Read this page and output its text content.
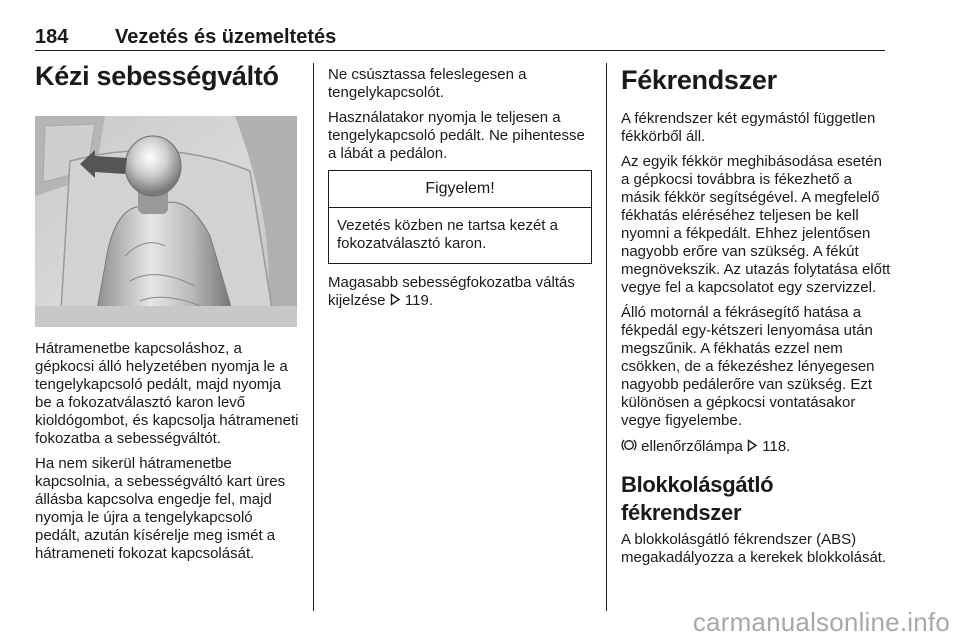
184 Vezetés és üzemeltetés
Kézi sebességváltó

Hátramenetbe kapcsoláshoz, a gépkocsi álló helyzetében nyomja le a tengelykapcsoló pedált, majd nyomja be a fokozatválasztó karon levő kioldógombot, és kapcsolja hátrameneti fokozatba a sebességváltót.

Ha nem sikerül hátramenetbe kapcsolnia, a sebességváltó kart üres állásba kapcsolva engedje fel, majd nyomja le újra a tengelykapcsoló pedált, azután kísérelje meg ismét a hátrameneti fokozat kapcsolását.

Ne csúsztassa feleslegesen a tengelykapcsolót.

Használatakor nyomja le teljesen a tengelykapcsoló pedált. Ne pihentesse a lábát a pedálon.

Figyelem!
Vezetés közben ne tartsa kezét a fokozatválasztó karon.

Magasabb sebességfokozatba váltás kijelzése 119.

Fékrendszer

A fékrendszer két egymástól független fékkörből áll.

Az egyik fékkör meghibásodása esetén a gépkocsi továbbra is fékezhető a másik fékkör segítségével. A megfelelő fékhatás eléréséhez teljesen be kell nyomni a fékpedált. Ehhez jelentősen nagyobb erőre van szükség. A fékút megnövekszik. Az utazás folytatása előtt vegye fel a kapcsolatot egy szervizzel.

Álló motornál a fékrásegítő hatása a fékpedál egy-kétszeri lenyomása után megszűnik. A fékhatás ezzel nem csökken, de a fékezéshez lényegesen nagyobb pedálerőre van szükség. Ezt különösen a gépkocsi vontatásakor vegye figyelembe.

ellenőrzőlámpa 118.

Blokkolásgátló fékrendszer

A blokkolásgátló fékrendszer (ABS) megakadályozza a kerekek blokkolását.

carmanualsonline.info
